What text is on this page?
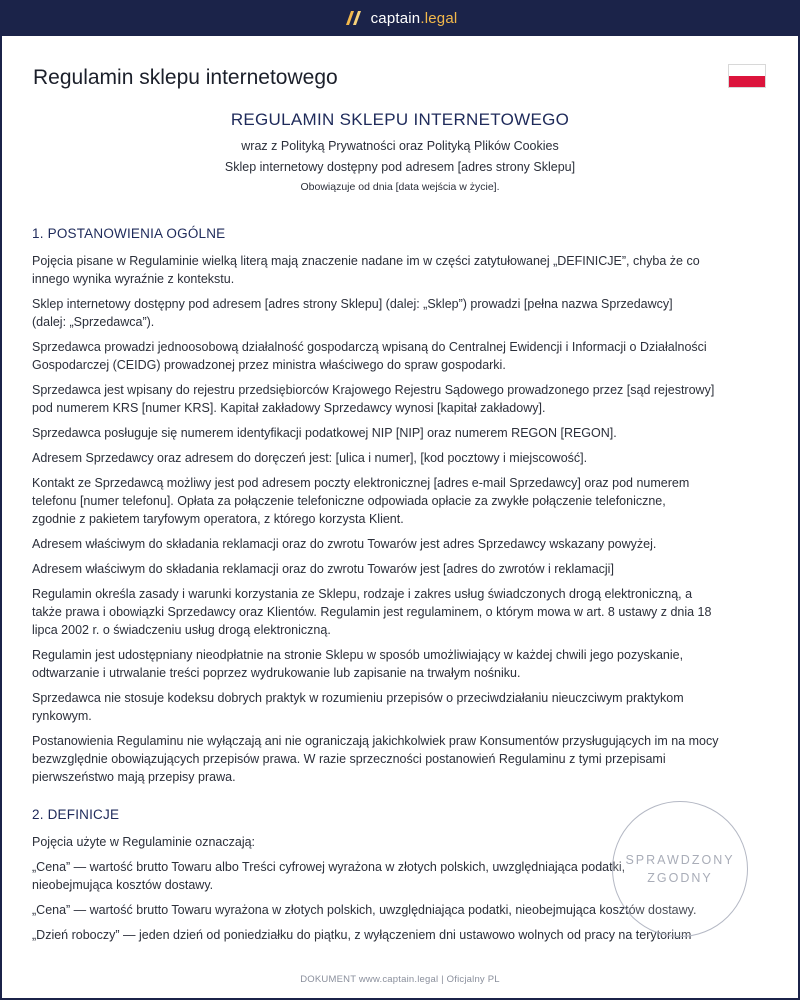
captain.legal
Regulamin sklepu internetowego
REGULAMIN SKLEPU INTERNETOWEGO
wraz z Polityką Prywatności oraz Polityką Plików Cookies
Sklep internetowy dostępny pod adresem [adres strony Sklepu]
Obowiązuje od dnia [data wejścia w życie].
1. POSTANOWIENIA OGÓLNE
Pojęcia pisane w Regulaminie wielką literą mają znaczenie nadane im w części zatytułowanej „DEFINICJE”, chyba że co
innego wynika wyraźnie z kontekstu.
Sklep internetowy dostępny pod adresem [adres strony Sklepu] (dalej: „Sklep”) prowadzi [pełna nazwa Sprzedawcy]
(dalej: „Sprzedawca”).
Sprzedawca prowadzi jednoosobową działalność gospodarczą wpisaną do Centralnej Ewidencji i Informacji o Działalności
Gospodarczej (CEIDG) prowadzonej przez ministra właściwego do spraw gospodarki.
Sprzedawca jest wpisany do rejestru przedsiębiorców Krajowego Rejestru Sądowego prowadzonego przez [sąd rejestrowy]
pod numerem KRS [numer KRS]. Kapitał zakładowy Sprzedawcy wynosi [kapitał zakładowy].
Sprzedawca posługuje się numerem identyfikacji podatkowej NIP [NIP] oraz numerem REGON [REGON].
Adresem Sprzedawcy oraz adresem do doręczeń jest: [ulica i numer], [kod pocztowy i miejscowość].
Kontakt ze Sprzedawcą możliwy jest pod adresem poczty elektronicznej [adres e-mail Sprzedawcy] oraz pod numerem
telefonu [numer telefonu]. Opłata za połączenie telefoniczne odpowiada opłacie za zwykłe połączenie telefoniczne,
zgodnie z pakietem taryfowym operatora, z którego korzysta Klient.
Adresem właściwym do składania reklamacji oraz do zwrotu Towarów jest adres Sprzedawcy wskazany powyżej.
Adresem właściwym do składania reklamacji oraz do zwrotu Towarów jest [adres do zwrotów i reklamacji]
Regulamin określa zasady i warunki korzystania ze Sklepu, rodzaje i zakres usług świadczonych drogą elektroniczną, a
także prawa i obowiązki Sprzedawcy oraz Klientów. Regulamin jest regulaminem, o którym mowa w art. 8 ustawy z dnia 18
lipca 2002 r. o świadczeniu usług drogą elektroniczną.
Regulamin jest udostępniany nieodpłatnie na stronie Sklepu w sposób umożliwiający w każdej chwili jego pozyskanie,
odtwarzanie i utrwalanie treści poprzez wydrukowanie lub zapisanie na trwałym nośniku.
Sprzedawca nie stosuje kodeksu dobrych praktyk w rozumieniu przepisów o przeciwdziałaniu nieuczciwym praktykom
rynkowym.
Postanowienia Regulaminu nie wyłączają ani nie ograniczają jakichkolwiek praw Konsumentów przysługujących im na mocy
bezwzględnie obowiązujących przepisów prawa. W razie sprzeczności postanowień Regulaminu z tymi przepisami
pierwszeństwo mają przepisy prawa.
2. DEFINICJE
Pojęcia użyte w Regulaminie oznaczają:
„Cena” — wartość brutto Towaru albo Treści cyfrowej wyrażona w złotych polskich, uwzględniająca podatki,
nieobejmująca kosztów dostawy.
„Cena” — wartość brutto Towaru wyrażona w złotych polskich, uwzględniająca podatki, nieobejmująca kosztów dostawy.
„Dzień roboczy” — jeden dzień od poniedziałku do piątku, z wyłączeniem dni ustawowo wolnych od pracy na terytorium
SPRAWDZONY
ZGODNY
DOKUMENT www.captain.legal | Oficjalny PL
